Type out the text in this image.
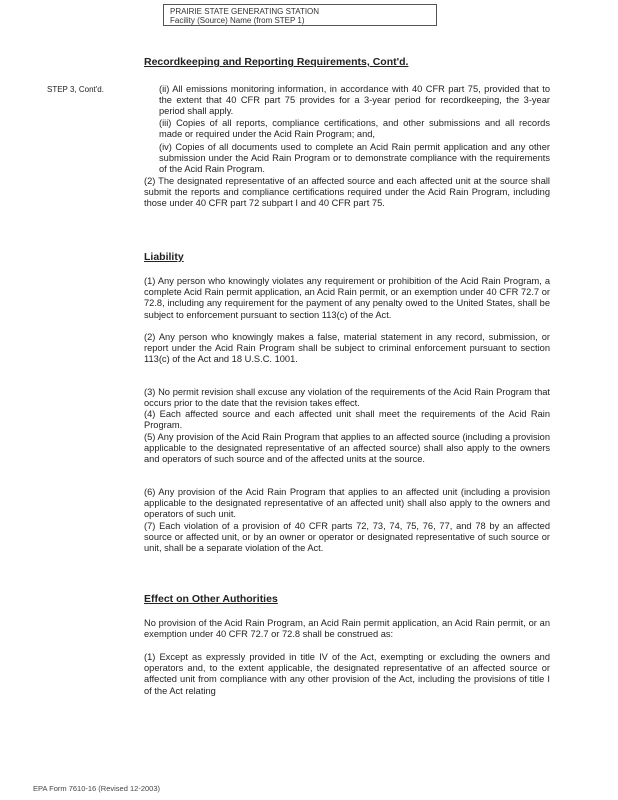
PRAIRIE STATE GENERATING STATION
Facility (Source) Name (from STEP 1)
Recordkeeping and Reporting Requirements, Cont'd.
STEP 3, Cont'd.	(ii) All emissions monitoring information, in accordance with 40 CFR part 75, provided that to the extent that 40 CFR part 75 provides for a 3-year period for recordkeeping, the 3-year period shall apply.

(iii) Copies of all reports, compliance certifications, and other submissions and all records made or required under the Acid Rain Program; and,

(iv) Copies of all documents used to complete an Acid Rain permit application and any other submission under the Acid Rain Program or to demonstrate compliance with the requirements of the Acid Rain Program.

(2) The designated representative of an affected source and each affected unit at the source shall submit the reports and compliance certifications required under the Acid Rain Program, including those under 40 CFR part 72 subpart I and 40 CFR part 75.

Liability

(1) Any person who knowingly violates any requirement or prohibition of the Acid Rain Program, a complete Acid Rain permit application, an Acid Rain permit, or an exemption under 40 CFR 72.7 or 72.8, including any requirement for the payment of any penalty owed to the United States, shall be subject to enforcement pursuant to section 113(c) of the Act.

(2) Any person who knowingly makes a false, material statement in any record, submission, or report under the Acid Rain Program shall be subject to criminal enforcement pursuant to section 113(c) of the Act and 18 U.S.C. 1001.

(3) No permit revision shall excuse any violation of the requirements of the Acid Rain Program that occurs prior to the date that the revision takes effect.

(4) Each affected source and each affected unit shall meet the requirements of the Acid Rain Program.

(5) Any provision of the Acid Rain Program that applies to an affected source (including a provision applicable to the designated representative of an affected source) shall also apply to the owners and operators of such source and of the affected units at the source.

(6) Any provision of the Acid Rain Program that applies to an affected unit (including a provision applicable to the designated representative of an affected unit) shall also apply to the owners and operators of such unit.

(7) Each violation of a provision of 40 CFR parts 72, 73, 74, 75, 76, 77, and 78 by an affected source or affected unit, or by an owner or operator or designated representative of such source or unit, shall be a separate violation of the Act.

Effect on Other Authorities

No provision of the Acid Rain Program, an Acid Rain permit application, an Acid Rain permit, or an exemption under 40 CFR 72.7 or 72.8 shall be construed as:

(1) Except as expressly provided in title IV of the Act, exempting or excluding the owners and operators and, to the extent applicable, the designated representative of an affected source or affected unit from compliance with any other provision of the Act, including the provisions of title I of the Act relating

EPA Form 7610-16 (Revised 12-2003)
